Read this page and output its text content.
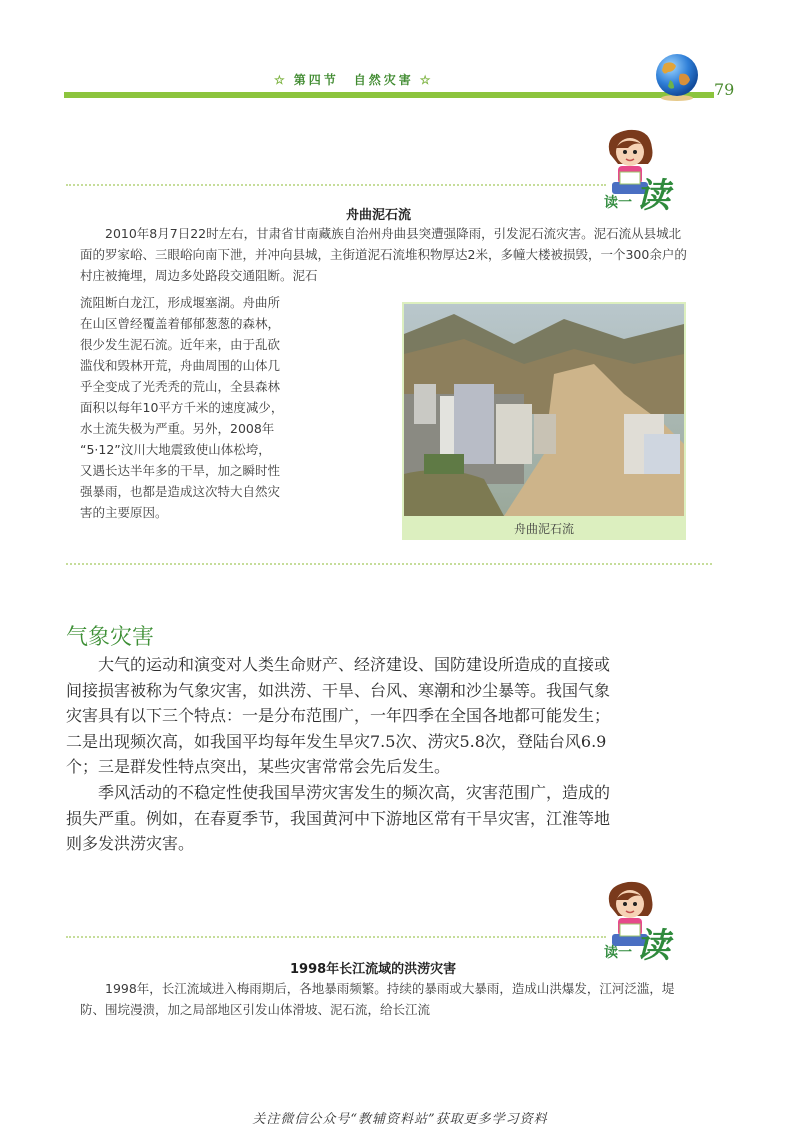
☆ 第四节　自然灾害 ☆	79
读一 读
舟曲泥石流

2010年8月7日22时左右，甘肃省甘南藏族自治州舟曲县突遭强降雨，引发泥石流灾害。泥石流从县城北面的罗家峪、三眼峪向南下泄，并冲向县城，主街道泥石流堆积物厚达2米，多幢大楼被损毁，一个300余户的村庄被掩埋，周边多处路段交通阻断。泥石

流阻断白龙江，形成堰塞湖。舟曲所

在山区曾经覆盖着郁郁葱葱的森林，

很少发生泥石流。近年来，由于乱砍

滥伐和毁林开荒，舟曲周围的山体几

乎全变成了光秃秃的荒山，全县森林

面积以每年10平方千米的速度减少，

水土流失极为严重。另外，2008年

“5·12”汶川大地震致使山体松垮，

又遇长达半年多的干旱，加之瞬时性

强暴雨，也都是造成这次特大自然灾

害的主要原因。

舟曲泥石流
气象灾害

大气的运动和演变对人类生命财产、经济建设、国防建设所造成的直接或间接损害被称为气象灾害，如洪涝、干旱、台风、寒潮和沙尘暴等。我国气象灾害具有以下三个特点：一是分布范围广，一年四季在全国各地都可能发生；二是出现频次高，如我国平均每年发生旱灾7.5次、涝灾5.8次，登陆台风6.9个；三是群发性特点突出，某些灾害常常会先后发生。

季风活动的不稳定性使我国旱涝灾害发生的频次高，灾害范围广，造成的损失严重。例如，在春夏季节，我国黄河中下游地区常有干旱灾害，江淮等地则多发洪涝灾害。

读一 读
1998年长江流域的洪涝灾害

1998年，长江流域进入梅雨期后，各地暴雨频繁。持续的暴雨或大暴雨，造成山洪爆发，江河泛滥，堤防、围垸漫溃，加之局部地区引发山体滑坡、泥石流，给长江流

关注微信公众号“教辅资料站”获取更多学习资料
